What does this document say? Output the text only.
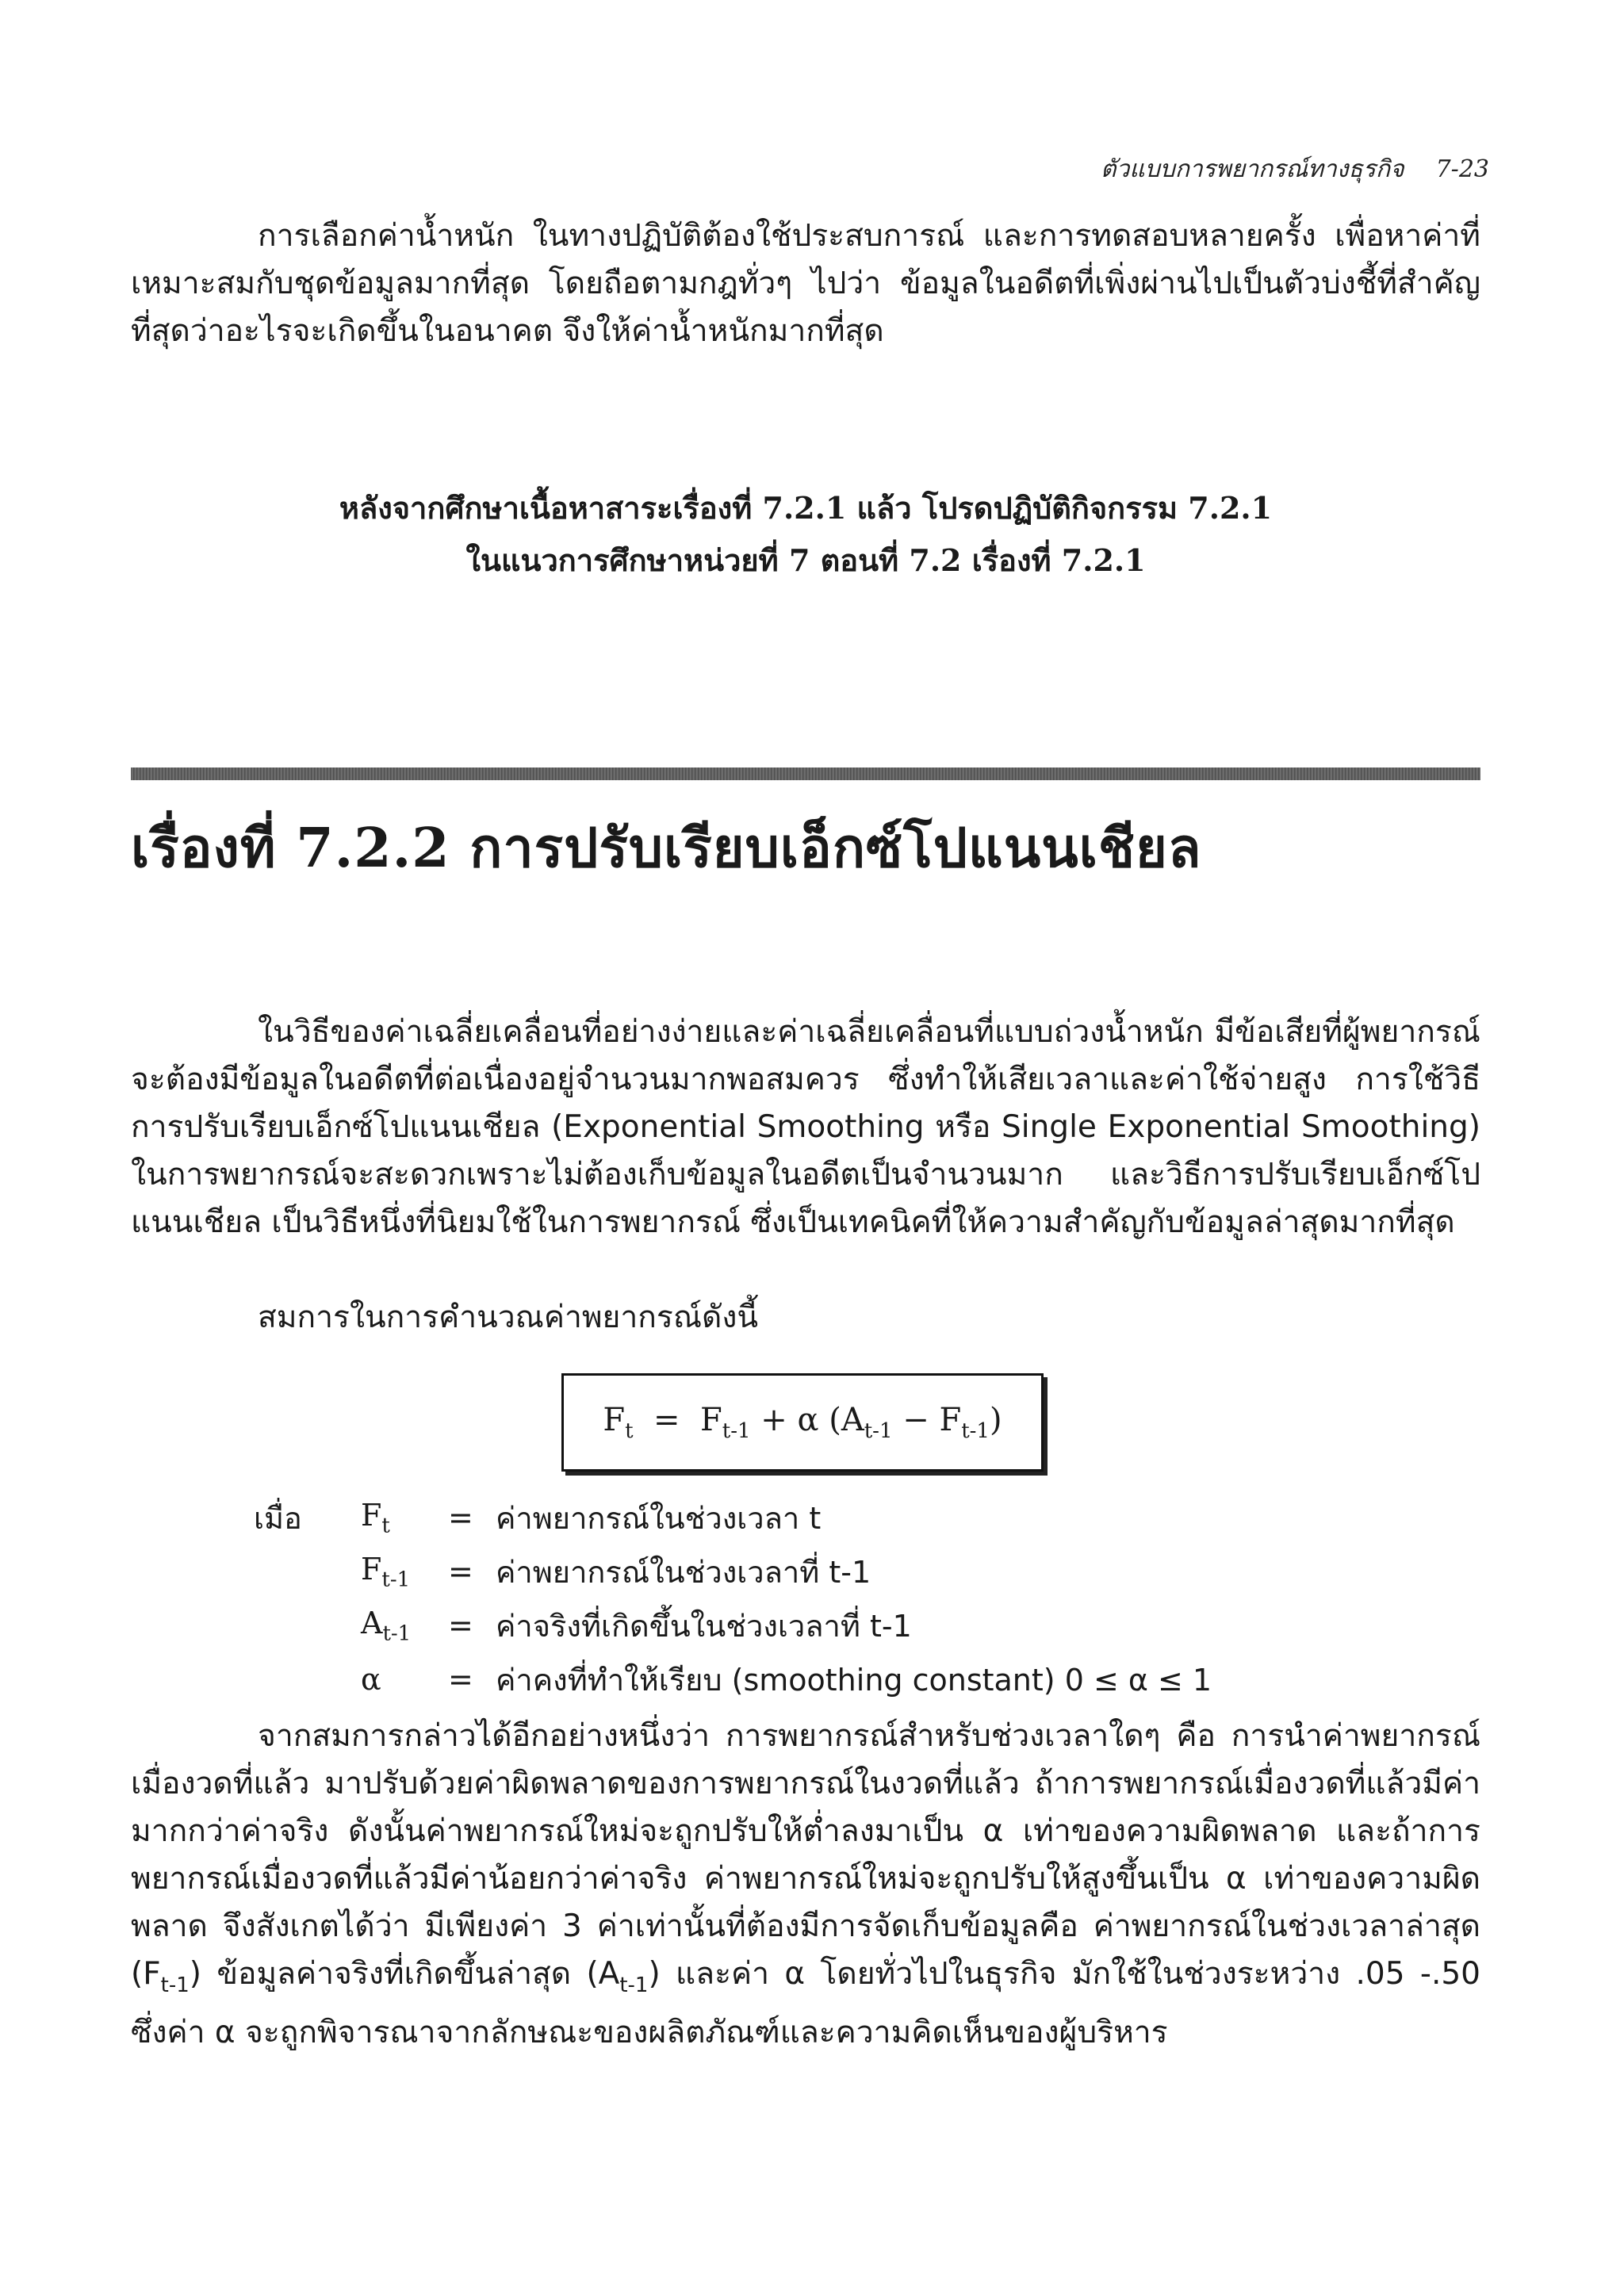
ตัวแบบการพยากรณ์ทางธุรกิจ 7-23

การเลือกค่าน้ำหนัก ในทางปฏิบัติต้องใช้ประสบการณ์ และการทดสอบหลายครั้ง เพื่อหาค่าที่เหมาะสมกับชุดข้อมูลมากที่สุด โดยถือตามกฎทั่วๆ ไปว่า ข้อมูลในอดีตที่เพิ่งผ่านไปเป็นตัวบ่งชี้ที่สำคัญที่สุดว่าอะไรจะเกิดขึ้นในอนาคต จึงให้ค่าน้ำหนักมากที่สุด

หลังจากศึกษาเนื้อหาสาระเรื่องที่ 7.2.1 แล้ว โปรดปฏิบัติกิจกรรม 7.2.1
ในแนวการศึกษาหน่วยที่ 7 ตอนที่ 7.2 เรื่องที่ 7.2.1
เรื่องที่ 7.2.2 การปรับเรียบเอ็กซ์โปแนนเชียล

ในวิธีของค่าเฉลี่ยเคลื่อนที่อย่างง่ายและค่าเฉลี่ยเคลื่อนที่แบบถ่วงน้ำหนัก มีข้อเสียที่ผู้พยากรณ์จะต้องมีข้อมูลในอดีตที่ต่อเนื่องอยู่จำนวนมากพอสมควร ซึ่งทำให้เสียเวลาและค่าใช้จ่ายสูง การใช้วิธีการปรับเรียบเอ็กซ์โปแนนเชียล (Exponential Smoothing หรือ Single Exponential Smoothing) ในการพยากรณ์จะสะดวกเพราะไม่ต้องเก็บข้อมูลในอดีตเป็นจำนวนมาก และวิธีการปรับเรียบเอ็กซ์โปแนนเชียล เป็นวิธีหนึ่งที่นิยมใช้ในการพยากรณ์ ซึ่งเป็นเทคนิคที่ให้ความสำคัญกับข้อมูลล่าสุดมากที่สุด

สมการในการคำนวณค่าพยากรณ์ดังนี้

$F_t = F_{t-1} + \alpha$ $(A_{t-1} - F_{t-1})$
เมื่อ	$F_t$	= ค่าพยากรณ์ในช่วงเวลา t
$F_{t-1}$	= ค่าพยากรณ์ในช่วงเวลาที่ t-1
$A_{t-1}$	= ค่าจริงที่เกิดขึ้นในช่วงเวลาที่ t-1
α	= ค่าคงที่ทำให้เรียบ (smoothing constant) 0 ≤ α ≤ 1

จากสมการกล่าวได้อีกอย่างหนึ่งว่า การพยากรณ์สำหรับช่วงเวลาใดๆ คือ การนำค่าพยากรณ์เมื่องวดที่แล้ว มาปรับด้วยค่าผิดพลาดของการพยากรณ์ในงวดที่แล้ว ถ้าการพยากรณ์เมื่องวดที่แล้วมีค่ามากกว่าค่าจริง ดังนั้นค่าพยากรณ์ใหม่จะถูกปรับให้ต่ำลงมาเป็น α เท่าของความผิดพลาด และถ้าการพยากรณ์เมื่องวดที่แล้วมีค่าน้อยกว่าค่าจริง ค่าพยากรณ์ใหม่จะถูกปรับให้สูงขึ้นเป็น α เท่าของความผิดพลาด จึงสังเกตได้ว่า มีเพียงค่า 3 ค่าเท่านั้นที่ต้องมีการจัดเก็บข้อมูลคือ ค่าพยากรณ์ในช่วงเวลาล่าสุด $(F_{t-1})$ ข้อมูลค่าจริงที่เกิดขึ้นล่าสุด $(A_{t-1})$ และค่า α โดยทั่วไปในธุรกิจ มักใช้ในช่วงระหว่าง .05 -.50 ซึ่งค่า α จะถูกพิจารณาจากลักษณะของผลิตภัณฑ์และความคิดเห็นของผู้บริหาร
